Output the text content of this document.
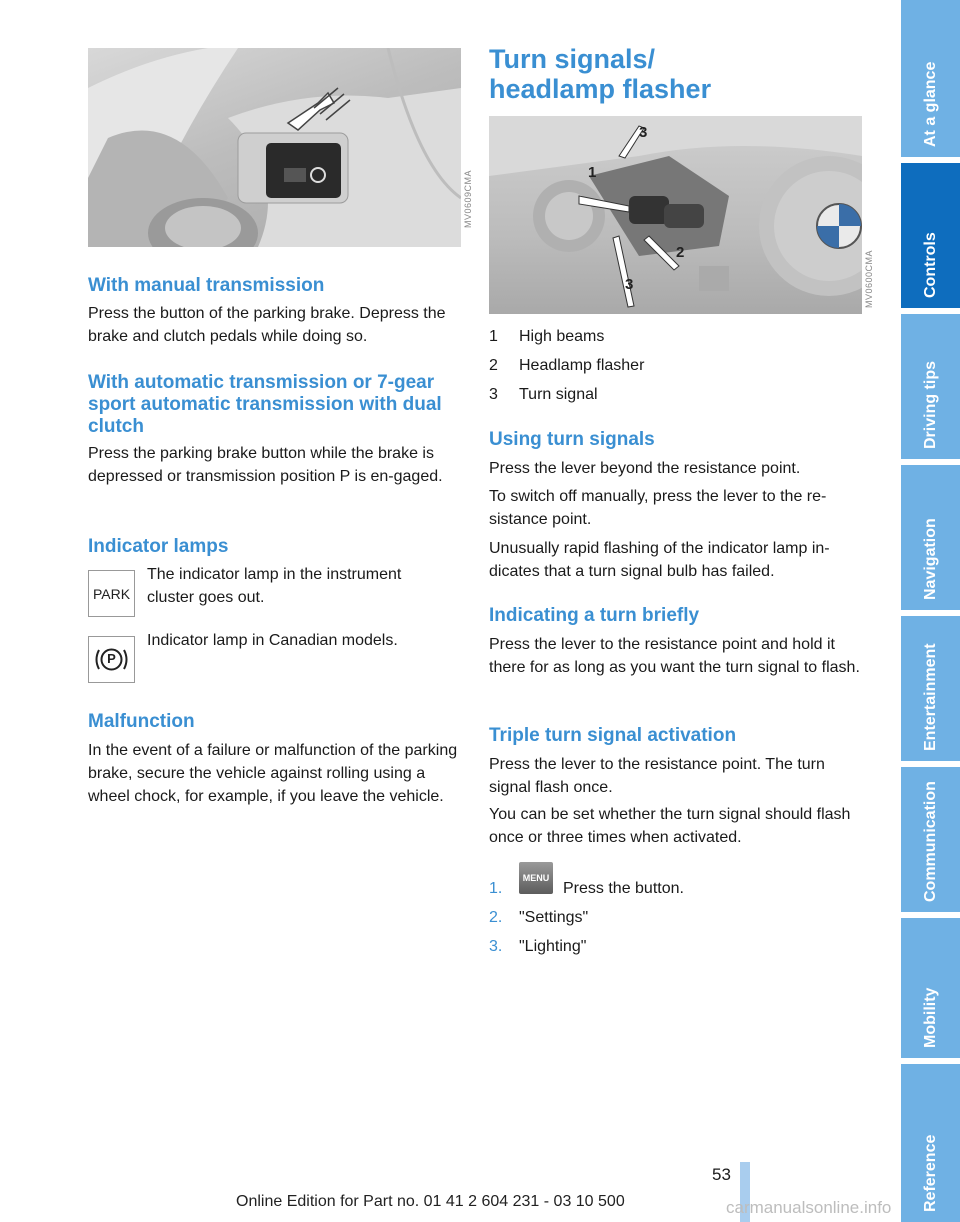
MV0609CMA
With manual transmission

Press the button of the parking brake. Depress the brake and clutch pedals while doing so.

With automatic transmission or 7-gear sport automatic transmission with dual clutch

Press the parking brake button while the brake is depressed or transmission position P is en-gaged.

Indicator lamps
PARK

The indicator lamp in the instrument cluster goes out.

P

Indicator lamp in Canadian models.

Malfunction

In the event of a failure or malfunction of the parking brake, secure the vehicle against rolling using a wheel chock, for example, if you leave the vehicle.

Turn signals/
headlamp flasher
1
2
3
3	MV0600CMA
1 High beams
2 Headlamp flasher
3 Turn signal
Using turn signals

Press the lever beyond the resistance point.

To switch off manually, press the lever to the re-sistance point.

Unusually rapid flashing of the indicator lamp in-dicates that a turn signal bulb has failed.

Indicating a turn briefly

Press the lever to the resistance point and hold it there for as long as you want the turn signal to flash.

Triple turn signal activation

Press the lever to the resistance point. The turn signal flash once.

You can be set whether the turn signal should flash once or three times when activated.

1.
MENU
Press the button.
2. "Settings"
3. "Lighting"
At a glance
Controls
Driving tips
Navigation
Entertainment
Communication
Mobility
Reference
53
Online Edition for Part no. 01 41 2 604 231 - 03 10 500	carmanualsonline.info
